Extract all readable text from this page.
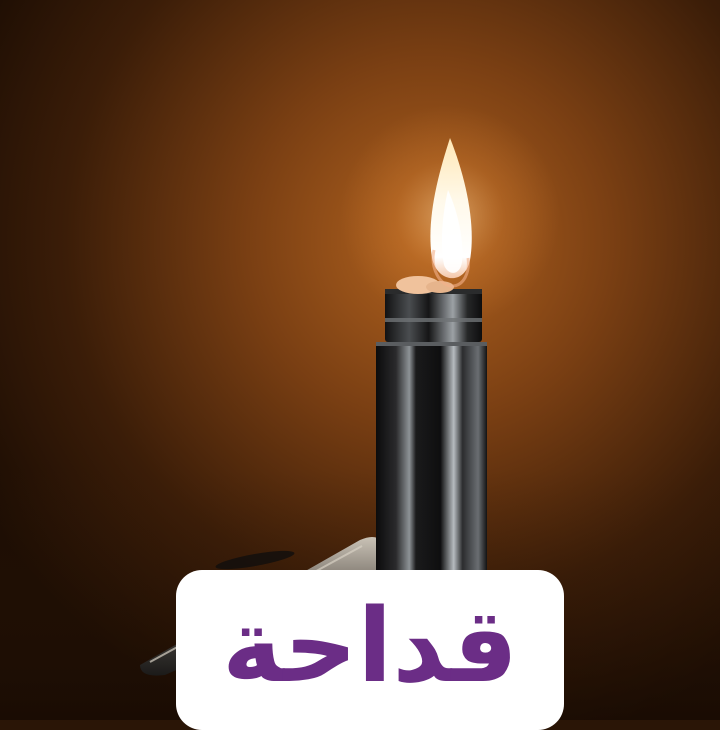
قداحة
